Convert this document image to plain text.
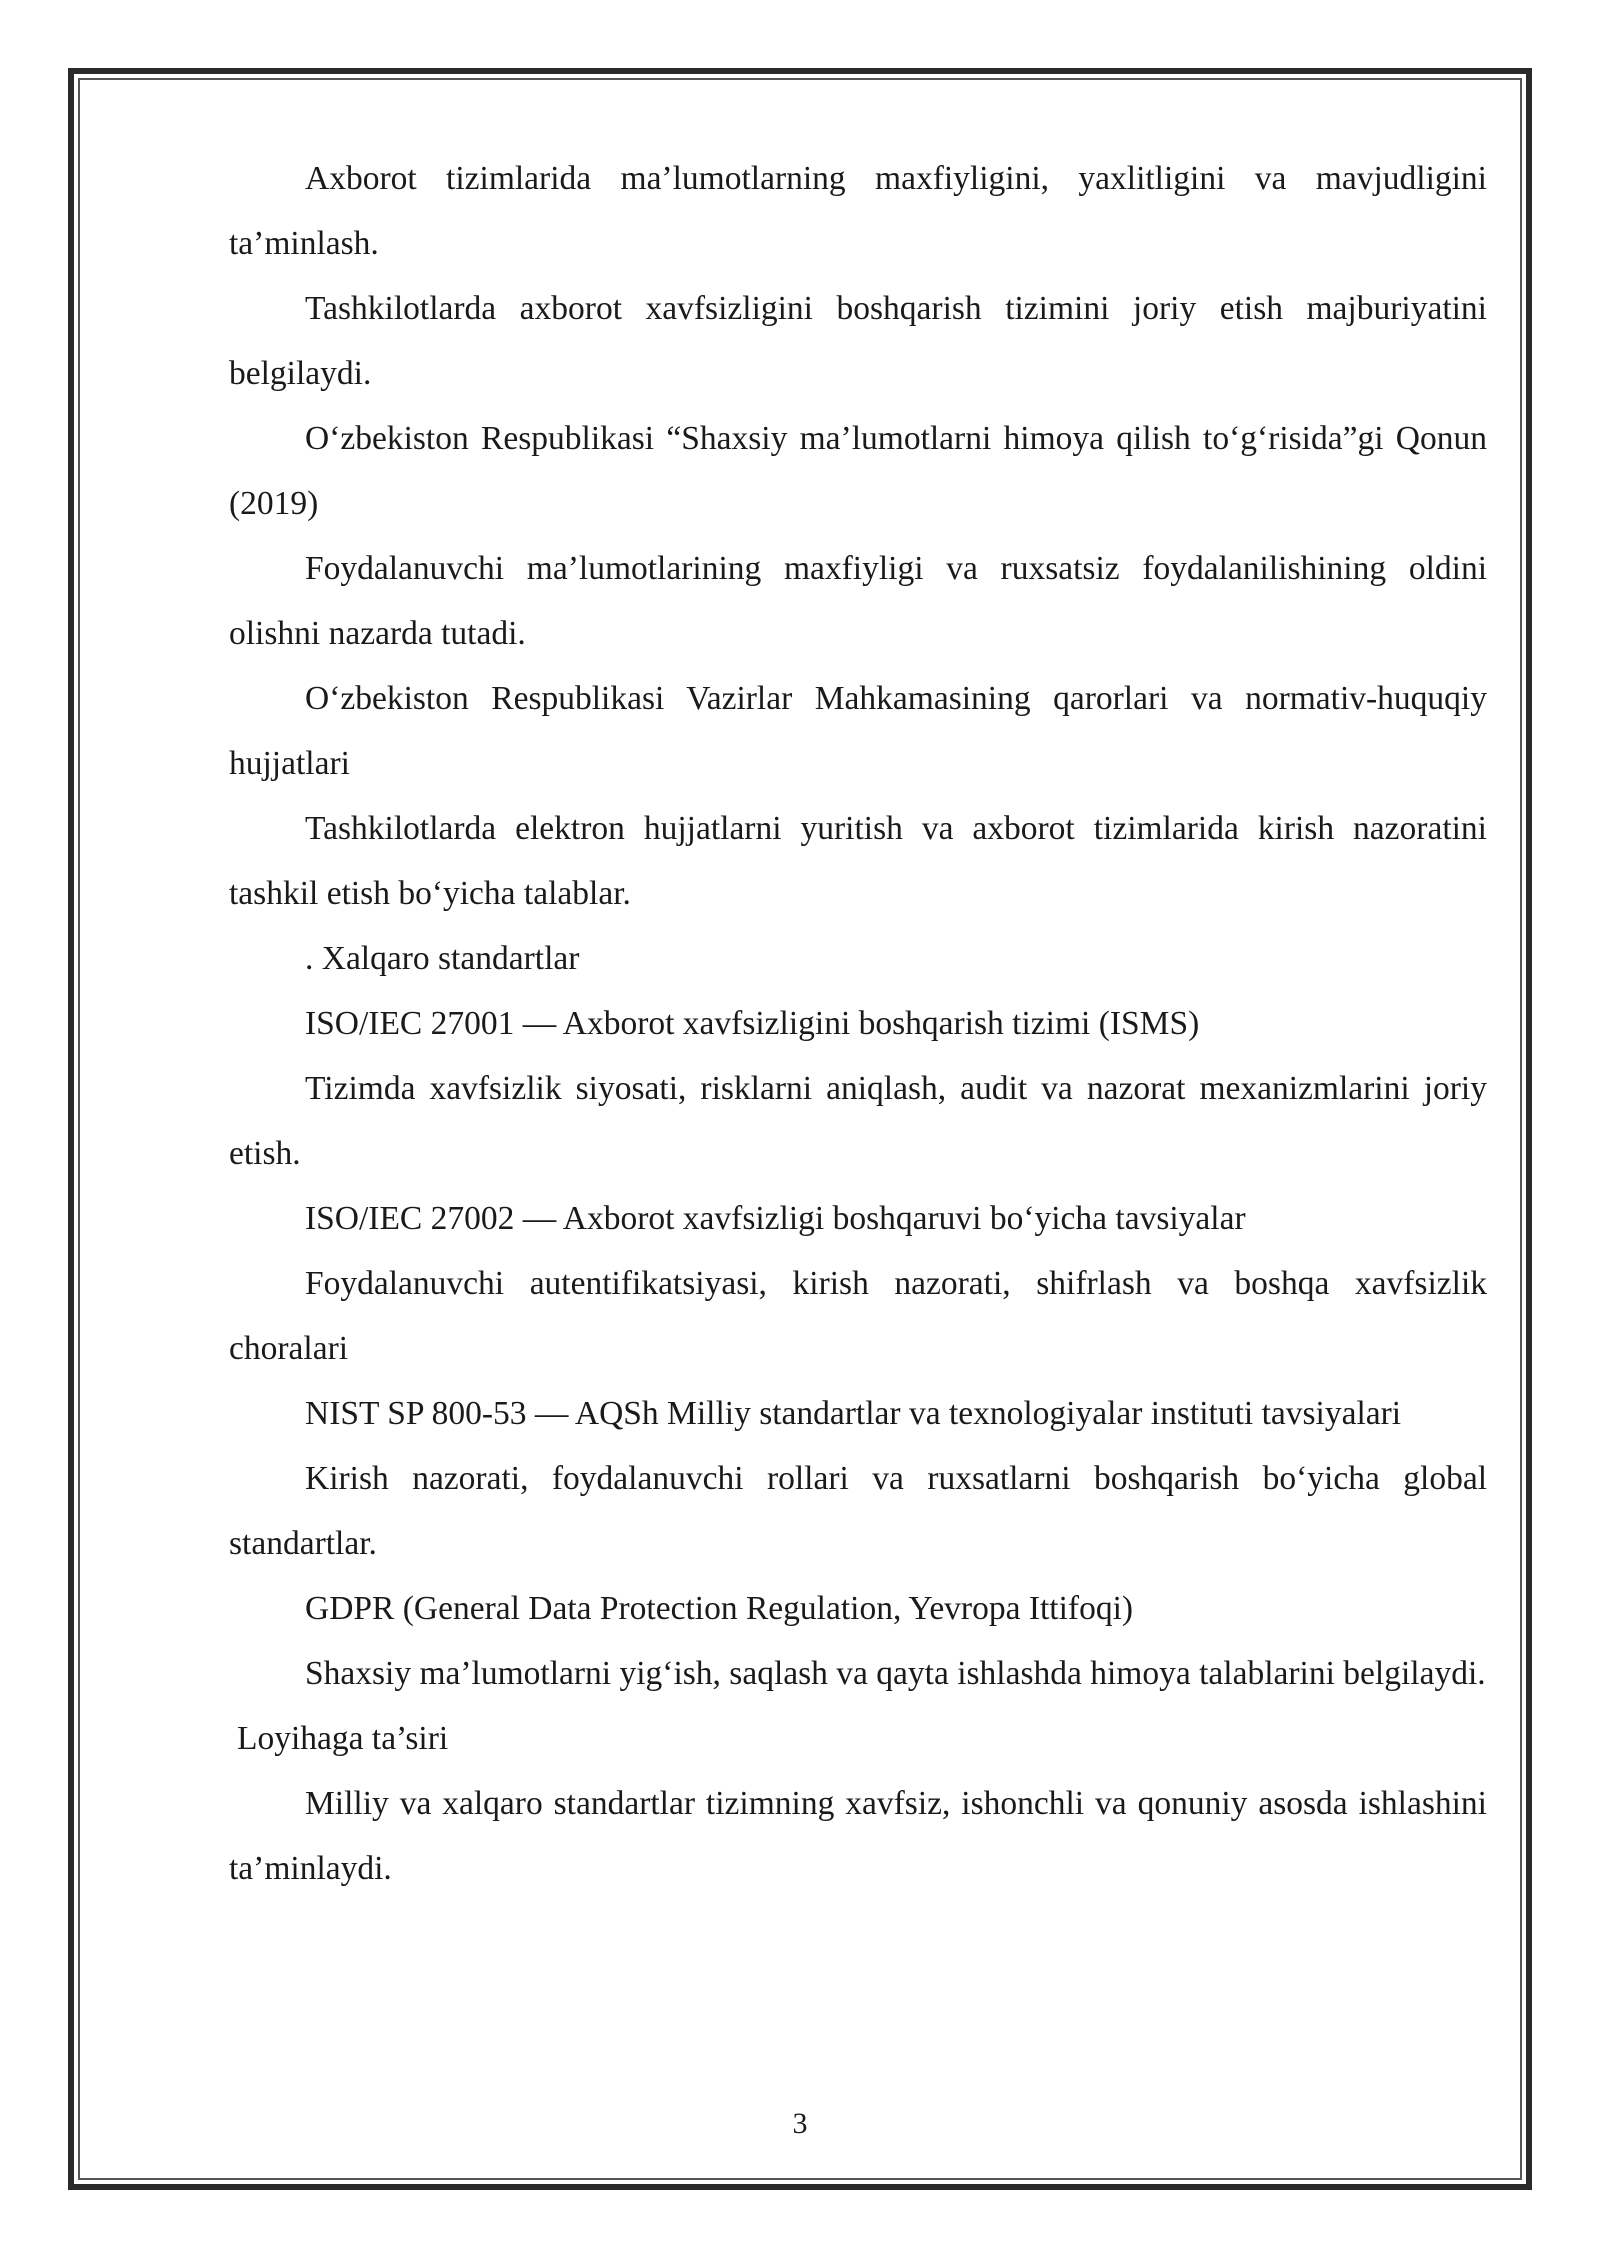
Axborot tizimlarida ma’lumotlarning maxfiyligini, yaxlitligini va mavjudligini ta’minlash.

Tashkilotlarda axborot xavfsizligini boshqarish tizimini joriy etish majburiyatini belgilaydi.

O‘zbekiston Respublikasi “Shaxsiy ma’lumotlarni himoya qilish to‘g‘risida”gi Qonun (2019)

Foydalanuvchi ma’lumotlarining maxfiyligi va ruxsatsiz foydalanilishining oldini olishni nazarda tutadi.

O‘zbekiston Respublikasi Vazirlar Mahkamasining qarorlari va normativ-huquqiy hujjatlari

Tashkilotlarda elektron hujjatlarni yuritish va axborot tizimlarida kirish nazoratini tashkil etish bo‘yicha talablar.

. Xalqaro standartlar

ISO/IEC 27001 — Axborot xavfsizligini boshqarish tizimi (ISMS)

Tizimda xavfsizlik siyosati, risklarni aniqlash, audit va nazorat mexanizmlarini joriy etish.

ISO/IEC 27002 — Axborot xavfsizligi boshqaruvi bo‘yicha tavsiyalar

Foydalanuvchi autentifikatsiyasi, kirish nazorati, shifrlash va boshqa xavfsizlik choralari

NIST SP 800-53 — AQSh Milliy standartlar va texnologiyalar instituti tavsiyalari

Kirish nazorati, foydalanuvchi rollari va ruxsatlarni boshqarish bo‘yicha global standartlar.

GDPR (General Data Protection Regulation, Yevropa Ittifoqi)

Shaxsiy ma’lumotlarni yig‘ish, saqlash va qayta ishlashda himoya talablarini belgilaydi.

Loyihaga ta’siri

Milliy va xalqaro standartlar tizimning xavfsiz, ishonchli va qonuniy asosda ishlashini ta’minlaydi.

3
